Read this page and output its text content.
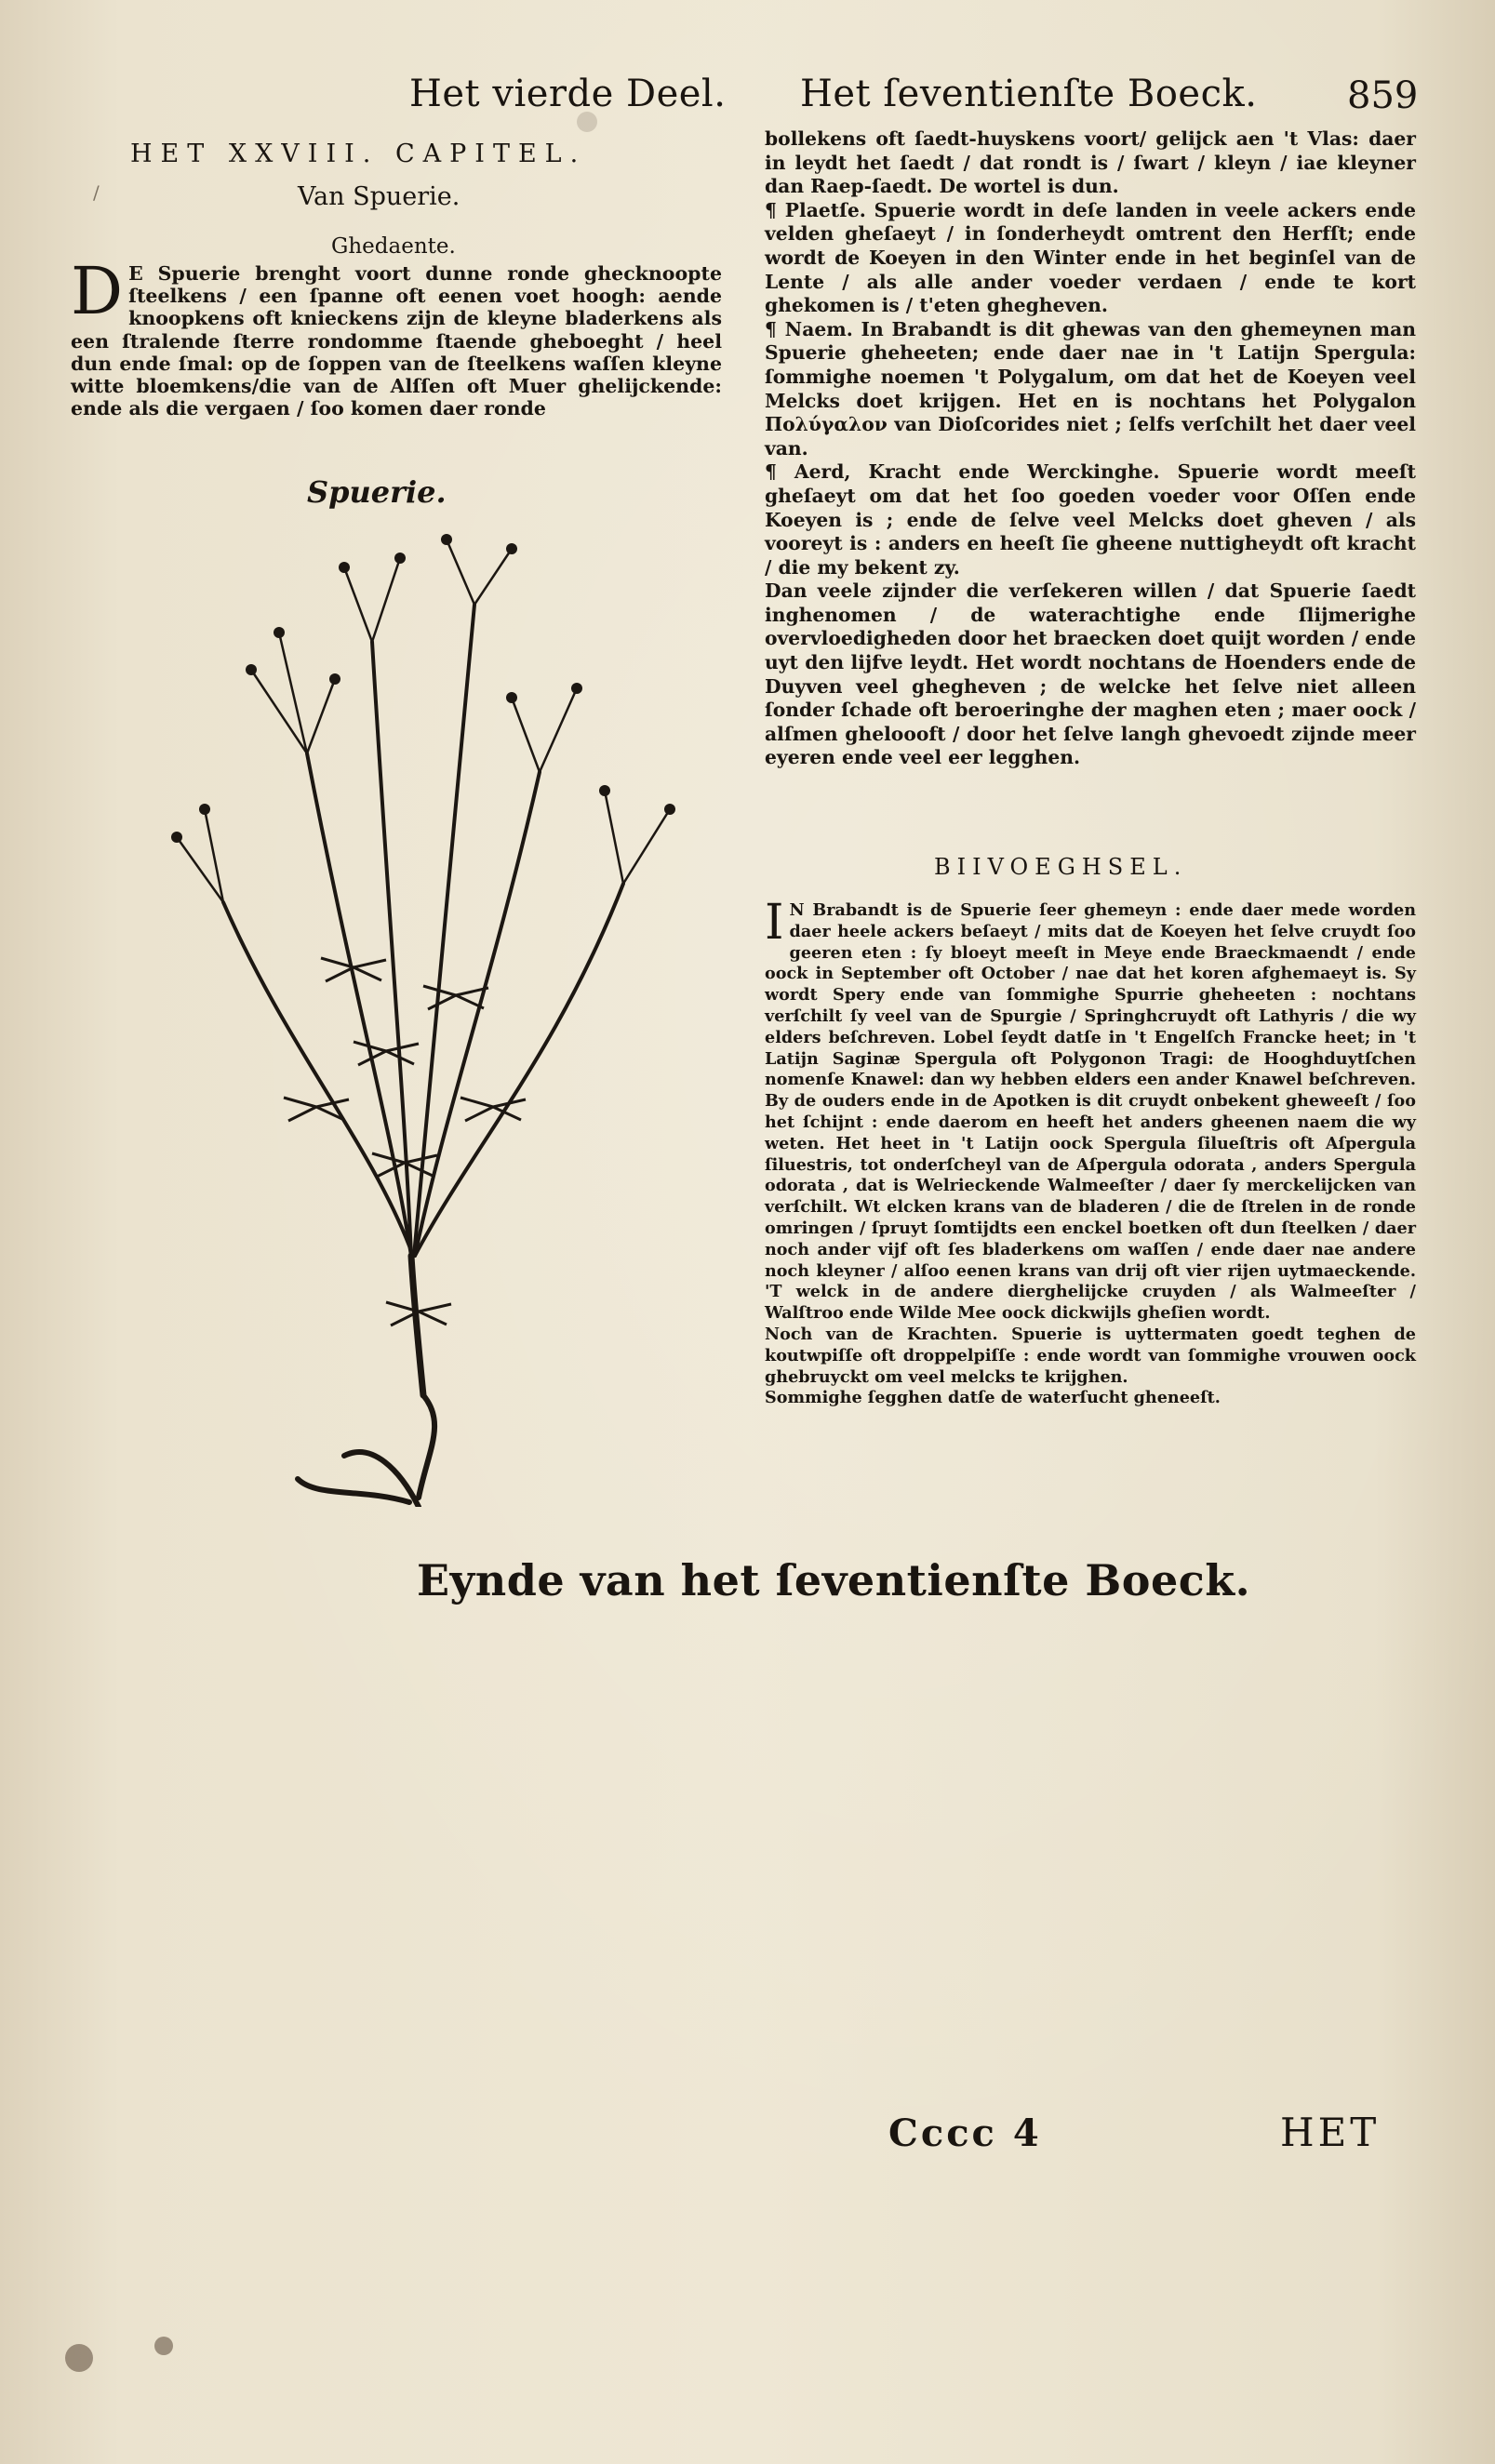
Het vierde Deel. Het ſeventienſte Boeck. 859
/
HET XXVIII. CAPITEL.
Van Spuerie.
Ghedaente.
D E Spuerie brenght voort dunne ronde ghecknoopte ſteelkens / een ſpanne oft eenen voet hoogh: aende knoopkens oft knieckens zijn de kleyne bladerkens als een ſtralende ſterre rondomme ſtaende gheboeght / heel dun ende ſmal: op de ſoppen van de ſteelkens waſſen kleyne witte bloemkens/die van de Alſſen oft Muer ghelijckende: ende als die vergaen / ſoo komen daer ronde
Spuerie.

bollekens oft ſaedt-huyskens voort/ gelijck aen 't Vlas: daer in leydt het ſaedt / dat rondt is / ſwart / kleyn / iae kleyner dan Raep-ſaedt. De wortel is dun.

¶ Plaetſe. Spuerie wordt in deſe landen in veele ackers ende velden gheſaeyt / in ſonderheydt omtrent den Herfſt; ende wordt de Koeyen in den Winter ende in het beginſel van de Lente / als alle ander voeder verdaen / ende te kort ghekomen is / t'eten ghegheven.

¶ Naem. In Brabandt is dit ghewas van den ghemeynen man Spuerie gheheeten; ende daer nae in 't Latijn Spergula: ſommighe noemen 't Polygalum, om dat het de Koeyen veel Melcks doet krijgen. Het en is nochtans het Polygalon Πολύγαλον van Dioſcorides niet ; ſelfs verſchilt het daer veel van.

¶ Aerd, Kracht ende Werckinghe. Spuerie wordt meeſt gheſaeyt om dat het ſoo goeden voeder voor Oſſen ende Koeyen is ; ende de ſelve veel Melcks doet gheven / als vooreyt is : anders en heeſt ſie gheene nuttigheydt oft kracht / die my bekent zy.

Dan veele zijnder die verſekeren willen / dat Spuerie ſaedt inghenomen / de waterachtighe ende ſlijmerighe overvloedigheden door het braecken doet quijt worden / ende uyt den lijfve leydt. Het wordt nochtans de Hoenders ende de Duyven veel ghegheven ; de welcke het ſelve niet alleen ſonder ſchade oft beroeringhe der maghen eten ; maer oock / alſmen gheloooft / door het ſelve langh ghevoedt zijnde meer eyeren ende veel eer legghen.

BIIVOEGHSEL.

I N Brabandt is de Spuerie ſeer ghemeyn : ende daer mede worden daer heele ackers beſaeyt / mits dat de Koeyen het ſelve cruydt ſoo geeren eten : ſy bloeyt meeſt in Meye ende Braeckmaendt / ende oock in September oft October / nae dat het koren afghemaeyt is. Sy wordt Spery ende van ſommighe Spurrie gheheeten : nochtans verſchilt ſy veel van de Spurgie / Springhcruydt oft Lathyris / die wy elders beſchreven. Lobel ſeydt datſe in 't Engelſch Francke heet; in 't Latijn Saginæ Spergula oft Polygonon Tragi: de Hooghduytſchen nomenſe Knawel: dan wy hebben elders een ander Knawel beſchreven. By de ouders ende in de Apotken is dit cruydt onbekent gheweeſt / ſoo het ſchijnt : ende daerom en heeft het anders gheenen naem die wy weten. Het heet in 't Latijn oock Spergula ſilueſtris oft Aſpergula ſiluestris, tot onderſcheyl van de Aſpergula odorata , anders Spergula odorata , dat is Welrieckende Walmeeſter / daer ſy merckelijcken van verſchilt. Wt elcken krans van de bladeren / die de ſtrelen in de ronde omringen / ſpruyt ſomtijdts een enckel boetken oft dun ſteelken / daer noch ander vijf oft ſes bladerkens om waſſen / ende daer nae andere noch kleyner / alſoo eenen krans van drij oft vier rijen uytmaeckende. 'T welck in de andere dierghelijcke cruyden / als Walmeeſter / Walſtroo ende Wilde Mee oock dickwijls gheſien wordt.

Noch van de Krachten. Spuerie is uyttermaten goedt teghen de koutwpiſſe oft droppelpiſſe : ende wordt van ſommighe vrouwen oock ghebruyckt om veel melcks te krijghen.

Sommighe ſegghen datſe de waterſucht gheneeſt.

Eynde van het ſeventienſte Boeck.
Cccc 4	HET
